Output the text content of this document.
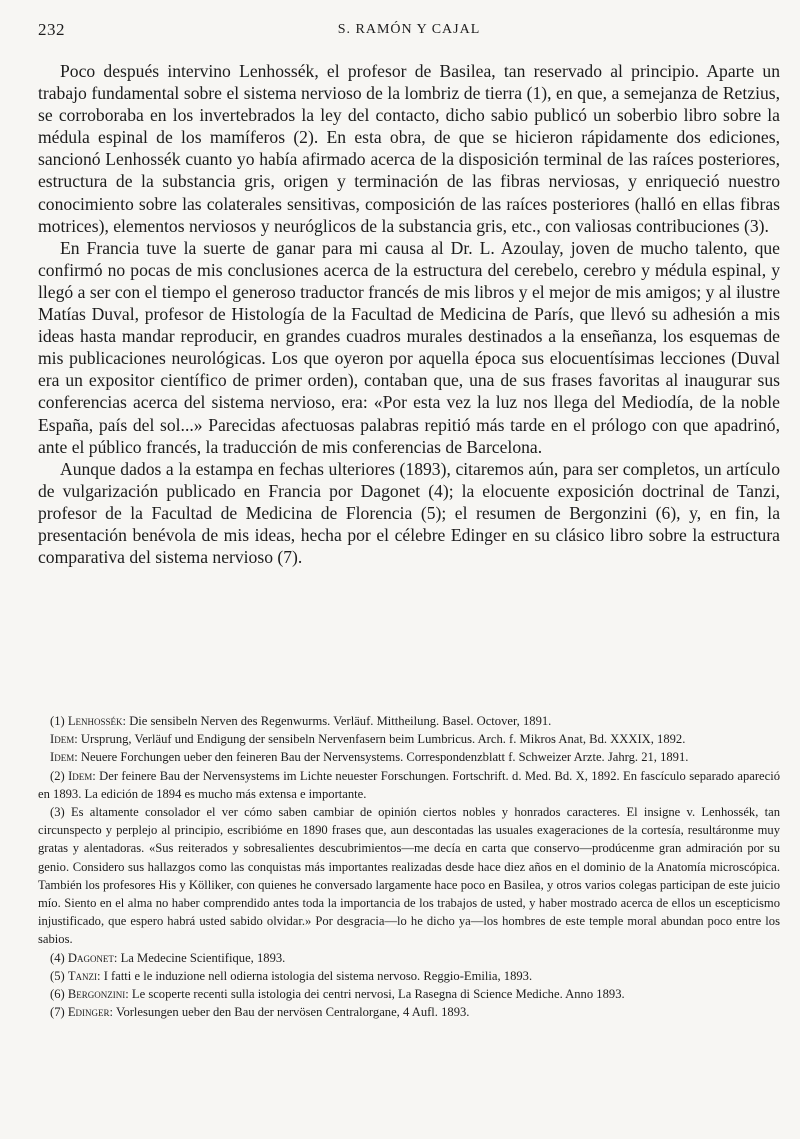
232	S. RAMÓN Y CAJAL

Poco después intervino Lenhossék, el profesor de Basilea, tan reservado al principio. Aparte un trabajo fundamental sobre el sistema nervioso de la lombriz de tierra (1), en que, a semejanza de Retzius, se corroboraba en los invertebrados la ley del contacto, dicho sabio publicó un soberbio libro sobre la médula espinal de los mamíferos (2). En esta obra, de que se hicieron rápidamente dos ediciones, sancionó Lenhossék cuanto yo había afirmado acerca de la disposición terminal de las raíces posteriores, estructura de la substancia gris, origen y terminación de las fibras nerviosas, y enriqueció nuestro conocimiento sobre las colaterales sensitivas, composición de las raíces posteriores (halló en ellas fibras motrices), elementos nerviosos y neuróglicos de la substancia gris, etc., con valiosas contribuciones (3).

En Francia tuve la suerte de ganar para mi causa al Dr. L. Azoulay, joven de mucho talento, que confirmó no pocas de mis conclusiones acerca de la estructura del cerebelo, cerebro y médula espinal, y llegó a ser con el tiempo el generoso traductor francés de mis libros y el mejor de mis amigos; y al ilustre Matías Duval, profesor de Histología de la Facultad de Medicina de París, que llevó su adhesión a mis ideas hasta mandar reproducir, en grandes cuadros murales destinados a la enseñanza, los esquemas de mis publicaciones neurológicas. Los que oyeron por aquella época sus elocuentísimas lecciones (Duval era un expositor científico de primer orden), contaban que, una de sus frases favoritas al inaugurar sus conferencias acerca del sistema nervioso, era: «Por esta vez la luz nos llega del Mediodía, de la noble España, país del sol...» Parecidas afectuosas palabras repitió más tarde en el prólogo con que apadrinó, ante el público francés, la traducción de mis conferencias de Barcelona.

Aunque dados a la estampa en fechas ulteriores (1893), citaremos aún, para ser completos, un artículo de vulgarización publicado en Francia por Dagonet (4); la elocuente exposición doctrinal de Tanzi, profesor de la Facultad de Medicina de Florencia (5); el resumen de Bergonzini (6), y, en fin, la presentación benévola de mis ideas, hecha por el célebre Edinger en su clásico libro sobre la estructura comparativa del sistema nervioso (7).

(1) Lenhossék: Die sensibeln Nerven des Regenwurms. Verläuf. Mittheilung. Basel. Octover, 1891.

Idem: Ursprung, Verläuf und Endigung der sensibeln Nervenfasern beim Lumbricus. Arch. f. Mikros Anat, Bd. XXXIX, 1892.

Idem: Neuere Forchungen ueber den feineren Bau der Nervensystems. Correspondenzblatt f. Schweizer Arzte. Jahrg. 21, 1891.

(2) Idem: Der feinere Bau der Nervensystems im Lichte neuester Forschungen. Fortschrift. d. Med. Bd. X, 1892. En fascículo separado apareció en 1893. La edición de 1894 es mucho más extensa e importante.

(3) Es altamente consolador el ver cómo saben cambiar de opinión ciertos nobles y honrados caracteres. El insigne v. Lenhossék, tan circunspecto y perplejo al principio, escribióme en 1890 frases que, aun descontadas las usuales exageraciones de la cortesía, resultáronme muy gratas y alentadoras. «Sus reiterados y sobresalientes descubrimientos—me decía en carta que conservo—prodúcenme gran admiración por su genio. Considero sus hallazgos como las conquistas más importantes realizadas desde hace diez años en el dominio de la Anatomía microscópica. También los profesores His y Kölliker, con quienes he conversado largamente hace poco en Basilea, y otros varios colegas participan de este juicio mío. Siento en el alma no haber comprendido antes toda la importancia de los trabajos de usted, y haber mostrado acerca de ellos un escepticismo injustificado, que espero habrá usted sabido olvidar.» Por desgracia—lo he dicho ya—los hombres de este temple moral abundan poco entre los sabios.

(4) Dagonet: La Medecine Scientifique, 1893.

(5) Tanzi: I fatti e le induzione nell odierna istologia del sistema nervoso. Reggio-Emilia, 1893.

(6) Bergonzini: Le scoperte recenti sulla istologia dei centri nervosi, La Rasegna di Science Mediche. Anno 1893.

(7) Edinger: Vorlesungen ueber den Bau der nervösen Centralorgane, 4 Aufl. 1893.
